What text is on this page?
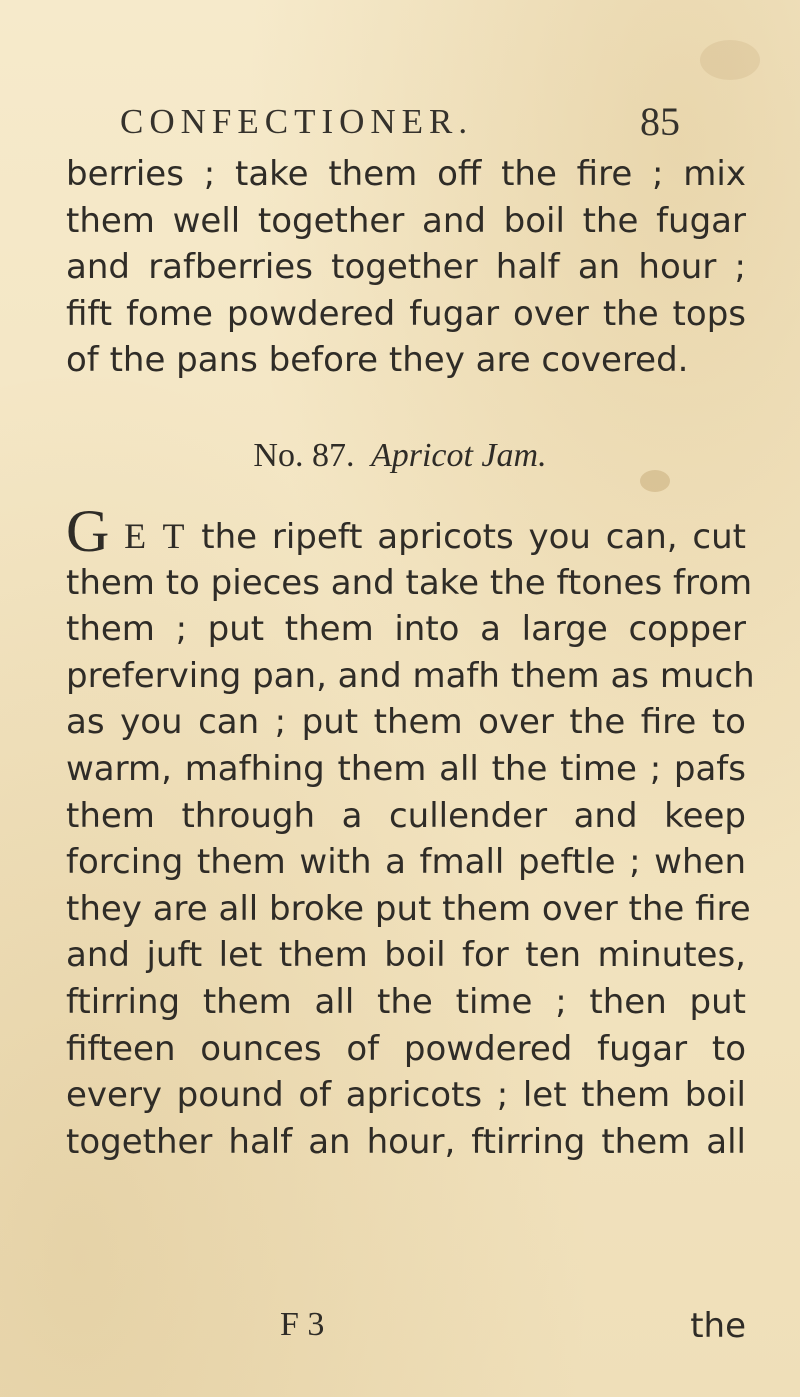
CONFECTIONER.	85
berries ; take them off the fire ; mix
them well together and boil the fugar
and rafberries together half an hour ;
fift fome powdered fugar over the tops
of the pans before they are covered.
No. 87. Apricot Jam.
G E T the ripeft apricots you can, cut
them to pieces and take the ftones from
them ; put them into a large copper
preferving pan, and mafh them as much
as you can ; put them over the fire to
warm, mafhing them all the time ; pafs
them through a cullender and keep
forcing them with a fmall peftle ; when
they are all broke put them over the fire
and juft let them boil for ten minutes,
ftirring them all the time ; then put
fifteen ounces of powdered fugar to
every pound of apricots ; let them boil
together half an hour, ftirring them all
F 3	the
